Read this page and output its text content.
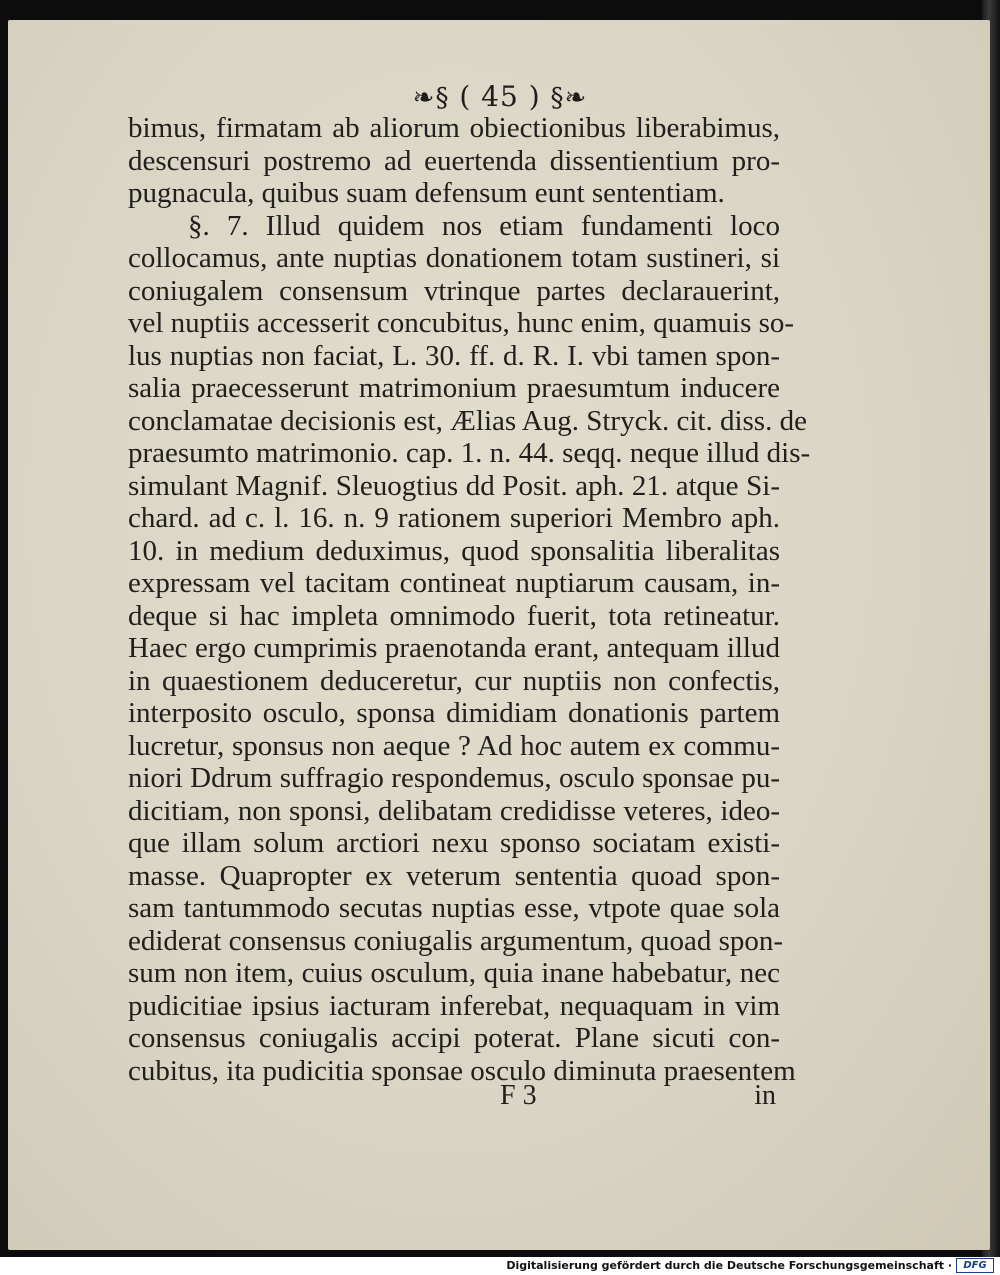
❧§ ( 45 ) §❧
bimus, firmatam ab aliorum obiectionibus liberabimus,
descensuri postremo ad euertenda dissentientium pro-
pugnacula, quibus suam defensum eunt sententiam.
§. 7. Illud quidem nos etiam fundamenti loco
collocamus, ante nuptias donationem totam sustineri, si
coniugalem consensum vtrinque partes declarauerint,
vel nuptiis accesserit concubitus, hunc enim, quamuis so-
lus nuptias non faciat, L. 30. ff. d. R. I. vbi tamen spon-
salia praecesserunt matrimonium praesumtum inducere
conclamatae decisionis est, Ælias Aug. Stryck. cit. diss. de
praesumto matrimonio. cap. 1. n. 44. seqq. neque illud dis-
simulant Magnif. Sleuogtius dd Posit. aph. 21. atque Si-
chard. ad c. l. 16. n. 9 rationem superiori Membro aph.
10. in medium deduximus, quod sponsalitia liberalitas
expressam vel tacitam contineat nuptiarum causam, in-
deque si hac impleta omnimodo fuerit, tota retineatur.
Haec ergo cumprimis praenotanda erant, antequam illud
in quaestionem deduceretur, cur nuptiis non confectis,
interposito osculo, sponsa dimidiam donationis partem
lucretur, sponsus non aeque ? Ad hoc autem ex commu-
niori Ddrum suffragio respondemus, osculo sponsae pu-
dicitiam, non sponsi, delibatam credidisse veteres, ideo-
que illam solum arctiori nexu sponso sociatam existi-
masse. Quapropter ex veterum sententia quoad spon-
sam tantummodo secutas nuptias esse, vtpote quae sola
ediderat consensus coniugalis argumentum, quoad spon-
sum non item, cuius osculum, quia inane habebatur, nec
pudicitiae ipsius iacturam inferebat, nequaquam in vim
consensus coniugalis accipi poterat. Plane sicuti con-
cubitus, ita pudicitia sponsae osculo diminuta praesentem
F 3	in
Digitalisierung gefördert durch die Deutsche Forschungsgemeinschaft ·	DFG
